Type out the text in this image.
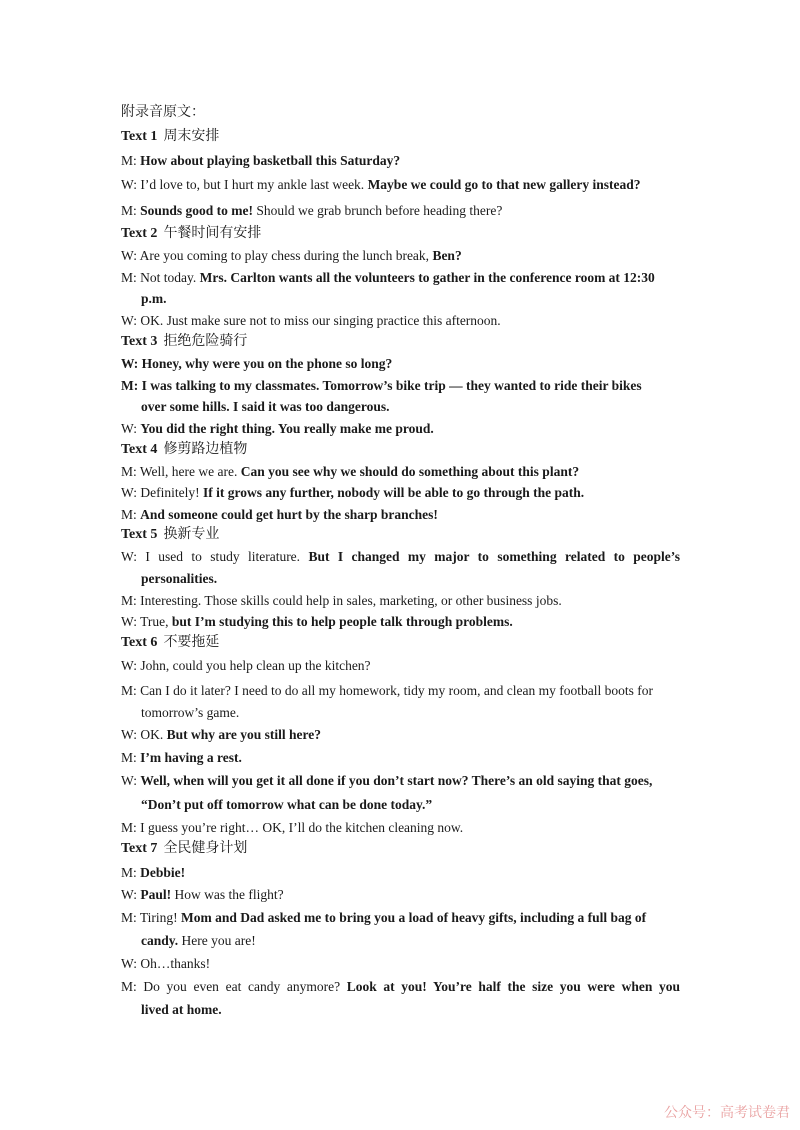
附录音原文：
Text 1 周末安排
Text 2 午餐时间有安排
Text 3 拒绝危险骑行
Text 4 修剪路边植物
Text 5 换新专业
Text 6 不要拖延
Text 7 全民健身计划
M: How about playing basketball this Saturday?
W: I’d love to, but I hurt my ankle last week. Maybe we could go to that new gallery instead?
M: Sounds good to me! Should we grab brunch before heading there?
W: Are you coming to play chess during the lunch break, Ben?
M: Not today. Mrs. Carlton wants all the volunteers to gather in the conference room at 12:30
p.m.
W: OK. Just make sure not to miss our singing practice this afternoon.
W: Honey, why were you on the phone so long?
M: I was talking to my classmates. Tomorrow’s bike trip — they wanted to ride their bikes
over some hills. I said it was too dangerous.
W: You did the right thing. You really make me proud.
M: Well, here we are. Can you see why we should do something about this plant?
W: Definitely! If it grows any further, nobody will be able to go through the path.
M: And someone could get hurt by the sharp branches!
W: I used to study literature. But I changed my major to something related to people’s
personalities.
M: Interesting. Those skills could help in sales, marketing, or other business jobs.
W: True, but I’m studying this to help people talk through problems.
W: John, could you help clean up the kitchen?
M: Can I do it later? I need to do all my homework, tidy my room, and clean my football boots for
tomorrow’s game.
W: OK. But why are you still here?
M: I’m having a rest.
W: Well, when will you get it all done if you don’t start now? There’s an old saying that goes,
“Don’t put off tomorrow what can be done today.”
M: I guess you’re right… OK, I’ll do the kitchen cleaning now.
M: Debbie!
W: Paul! How was the flight?
M: Tiring! Mom and Dad asked me to bring you a load of heavy gifts, including a full bag of
candy. Here you are!
W: Oh…thanks!
M: Do you even eat candy anymore? Look at you! You’re half the size you were when you
lived at home.
公众号：高考试卷君
